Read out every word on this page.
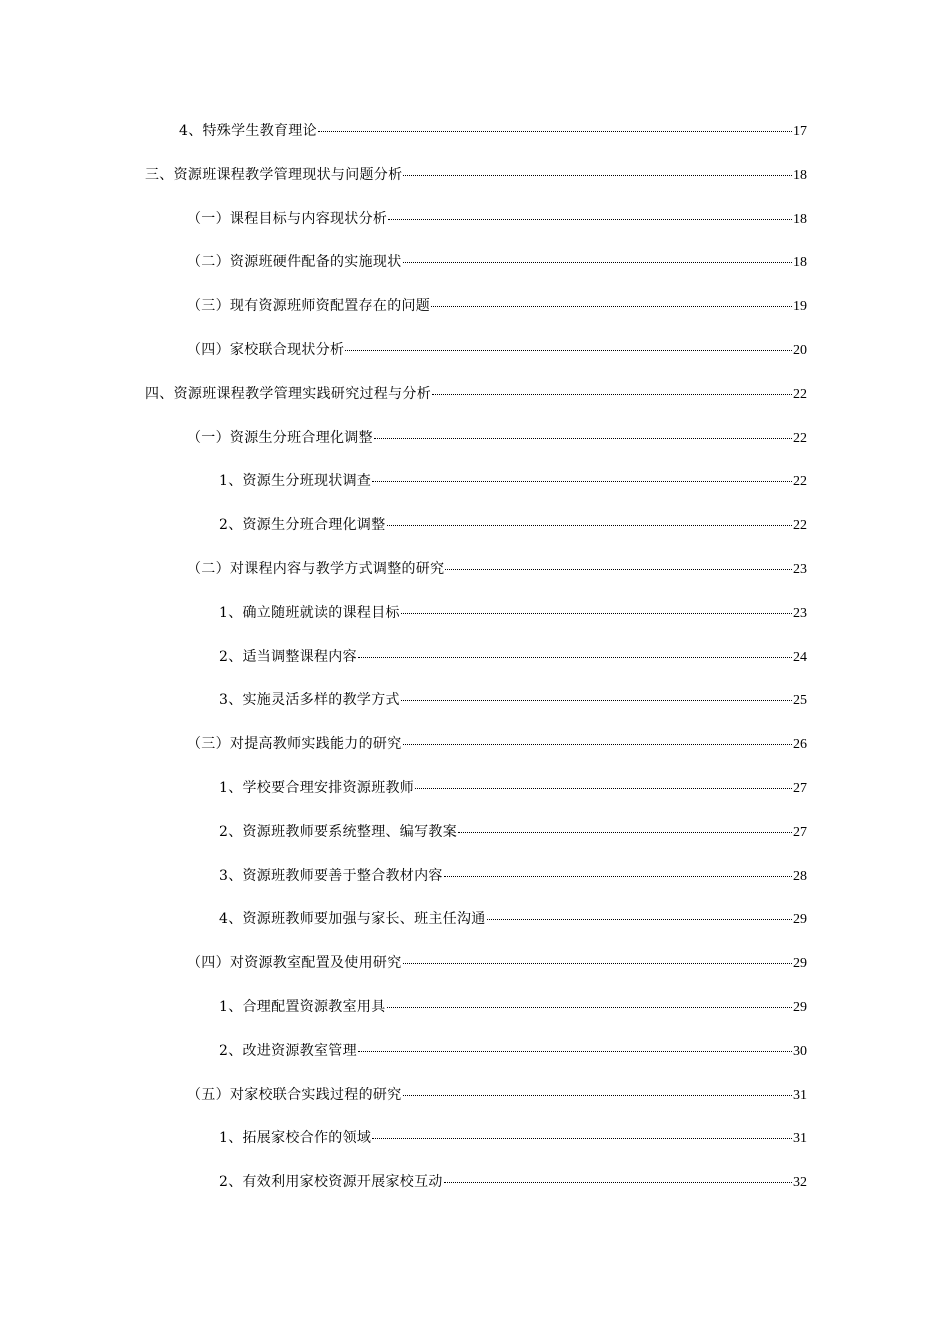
4、特殊学生教育理论	17
三、资源班课程教学管理现状与问题分析	18
（一）课程目标与内容现状分析	18
（二）资源班硬件配备的实施现状	18
（三）现有资源班师资配置存在的问题	19
（四）家校联合现状分析	20
四、资源班课程教学管理实践研究过程与分析	22
（一）资源生分班合理化调整	22
1、资源生分班现状调查	22
2、资源生分班合理化调整	22
（二）对课程内容与教学方式调整的研究	23
1、确立随班就读的课程目标	23
2、适当调整课程内容	24
3、实施灵活多样的教学方式	25
（三）对提高教师实践能力的研究	26
1、学校要合理安排资源班教师	27
2、资源班教师要系统整理、编写教案	27
3、资源班教师要善于整合教材内容	28
4、资源班教师要加强与家长、班主任沟通	29
（四）对资源教室配置及使用研究	29
1、合理配置资源教室用具	29
2、改进资源教室管理	30
（五）对家校联合实践过程的研究	31
1、拓展家校合作的领域	31
2、有效利用家校资源开展家校互动	32
